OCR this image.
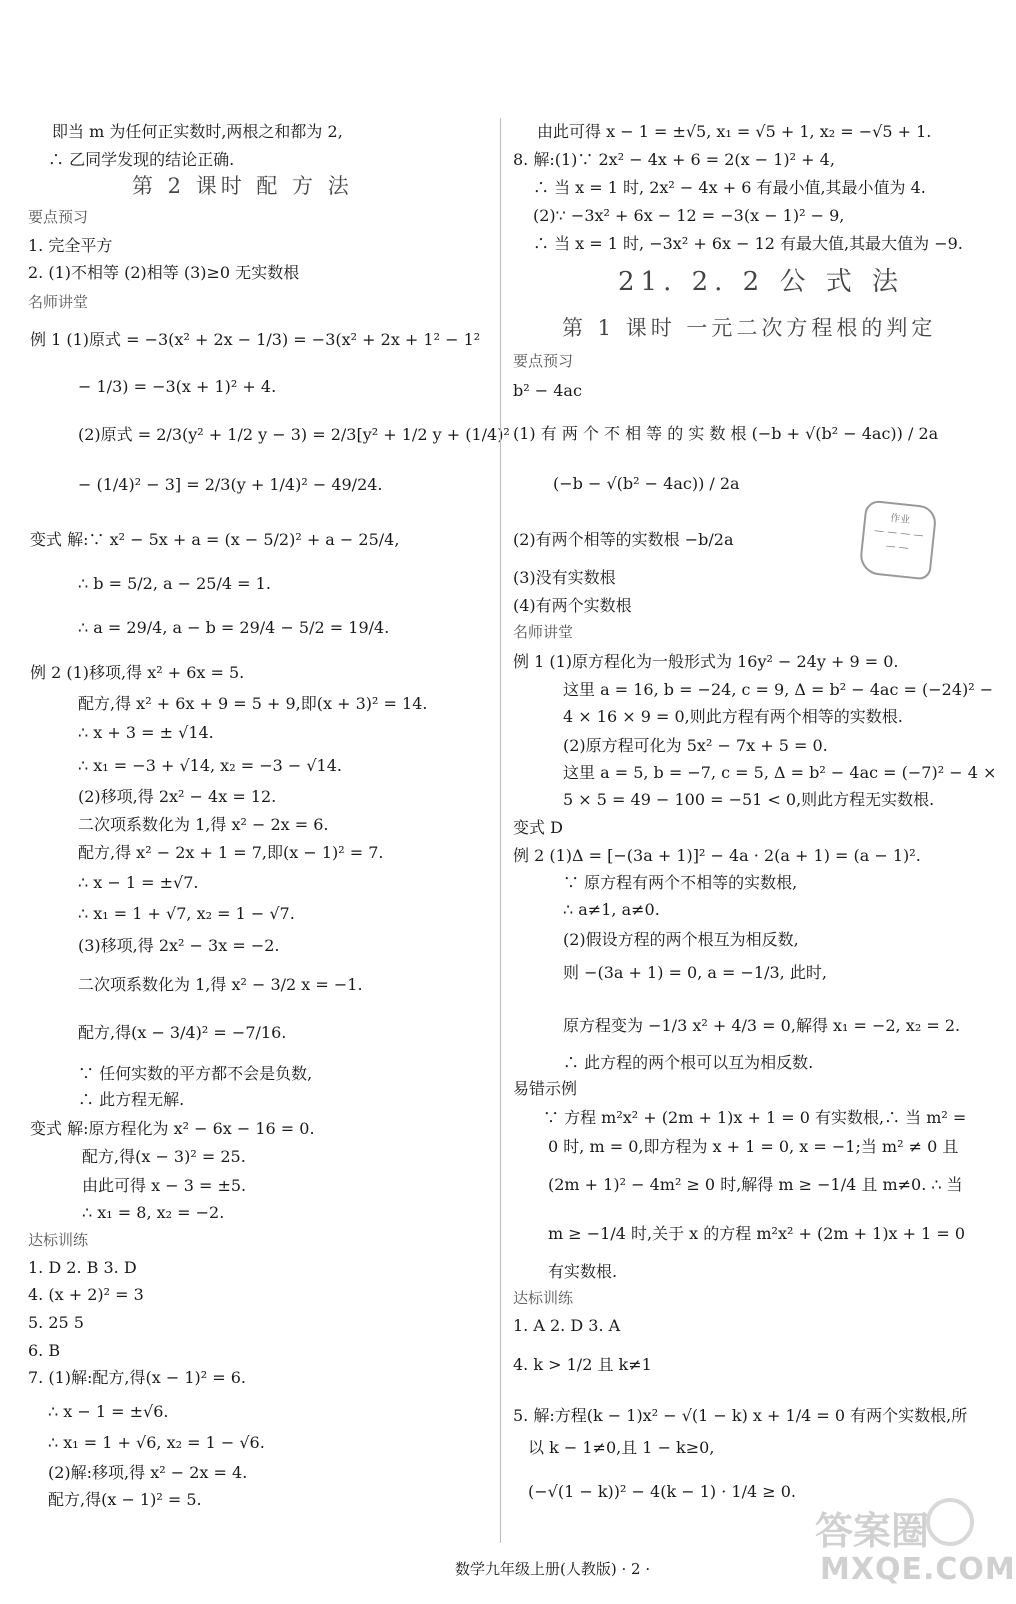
即当 m 为任何正实数时,两根之和都为 2,
∴ 乙同学发现的结论正确.
第 2 课时 配 方 法
要点预习
1. 完全平方
2. (1)不相等 (2)相等 (3)≥0 无实数根
名师讲堂
例 1 (1)原式 = −3(x² + 2x − 1/3) = −3(x² + 2x + 1² − 1²
− 1/3) = −3(x + 1)² + 4.
(2)原式 = 2/3(y² + 1/2 y − 3) = 2/3[y² + 1/2 y + (1/4)²
− (1/4)² − 3] = 2/3(y + 1/4)² − 49/24.
变式 解:∵ x² − 5x + a = (x − 5/2)² + a − 25/4,
∴ b = 5/2, a − 25/4 = 1.
∴ a = 29/4, a − b = 29/4 − 5/2 = 19/4.
例 2 (1)移项,得 x² + 6x = 5.
配方,得 x² + 6x + 9 = 5 + 9,即(x + 3)² = 14.
∴ x + 3 = ± √14.
∴ x₁ = −3 + √14, x₂ = −3 − √14.
(2)移项,得 2x² − 4x = 12.
二次项系数化为 1,得 x² − 2x = 6.
配方,得 x² − 2x + 1 = 7,即(x − 1)² = 7.
∴ x − 1 = ±√7.
∴ x₁ = 1 + √7, x₂ = 1 − √7.
(3)移项,得 2x² − 3x = −2.
二次项系数化为 1,得 x² − 3/2 x = −1.
配方,得(x − 3/4)² = −7/16.
∵ 任何实数的平方都不会是负数,
∴ 此方程无解.
变式 解:原方程化为 x² − 6x − 16 = 0.
配方,得(x − 3)² = 25.
由此可得 x − 3 = ±5.
∴ x₁ = 8, x₂ = −2.
达标训练
1. D 2. B 3. D
4. (x + 2)² = 3
5. 25 5
6. B
7. (1)解:配方,得(x − 1)² = 6.
∴ x − 1 = ±√6.
∴ x₁ = 1 + √6, x₂ = 1 − √6.
(2)解:移项,得 x² − 2x = 4.
配方,得(x − 1)² = 5.
由此可得 x − 1 = ±√5, x₁ = √5 + 1, x₂ = −√5 + 1.
8. 解:(1)∵ 2x² − 4x + 6 = 2(x − 1)² + 4,
∴ 当 x = 1 时, 2x² − 4x + 6 有最小值,其最小值为 4.
(2)∵ −3x² + 6x − 12 = −3(x − 1)² − 9,
∴ 当 x = 1 时, −3x² + 6x − 12 有最大值,其最大值为 −9.
21. 2. 2 公 式 法
第 1 课时 一元二次方程根的判定
要点预习
b² − 4ac
(1) 有 两 个 不 相 等 的 实 数 根 (−b + √(b² − 4ac)) / 2a
(−b − √(b² − 4ac)) / 2a
(2)有两个相等的实数根 −b/2a
(3)没有实数根
(4)有两个实数根
名师讲堂
例 1 (1)原方程化为一般形式为 16y² − 24y + 9 = 0.
这里 a = 16, b = −24, c = 9, Δ = b² − 4ac = (−24)² −
4 × 16 × 9 = 0,则此方程有两个相等的实数根.
(2)原方程可化为 5x² − 7x + 5 = 0.
这里 a = 5, b = −7, c = 5, Δ = b² − 4ac = (−7)² − 4 ×
5 × 5 = 49 − 100 = −51 < 0,则此方程无实数根.
变式 D
例 2 (1)Δ = [−(3a + 1)]² − 4a · 2(a + 1) = (a − 1)².
∵ 原方程有两个不相等的实数根,
∴ a≠1, a≠0.
(2)假设方程的两个根互为相反数,
则 −(3a + 1) = 0, a = −1/3, 此时,
原方程变为 −1/3 x² + 4/3 = 0,解得 x₁ = −2, x₂ = 2.
∴ 此方程的两个根可以互为相反数.
易错示例
∵ 方程 m²x² + (2m + 1)x + 1 = 0 有实数根,∴ 当 m² =
0 时, m = 0,即方程为 x + 1 = 0, x = −1;当 m² ≠ 0 且
(2m + 1)² − 4m² ≥ 0 时,解得 m ≥ −1/4 且 m≠0. ∴ 当
m ≥ −1/4 时,关于 x 的方程 m²x² + (2m + 1)x + 1 = 0
有实数根.
达标训练
1. A 2. D 3. A
4. k > 1/2 且 k≠1
5. 解:方程(k − 1)x² − √(1 − k) x + 1/4 = 0 有两个实数根,所
以 k − 1≠0,且 1 − k≥0,
(−√(1 − k))² − 4(k − 1) · 1/4 ≥ 0.
作业
— — — —
— —
数学九年级上册(人教版) · 2 ·
答案圈
MXQE.COM
